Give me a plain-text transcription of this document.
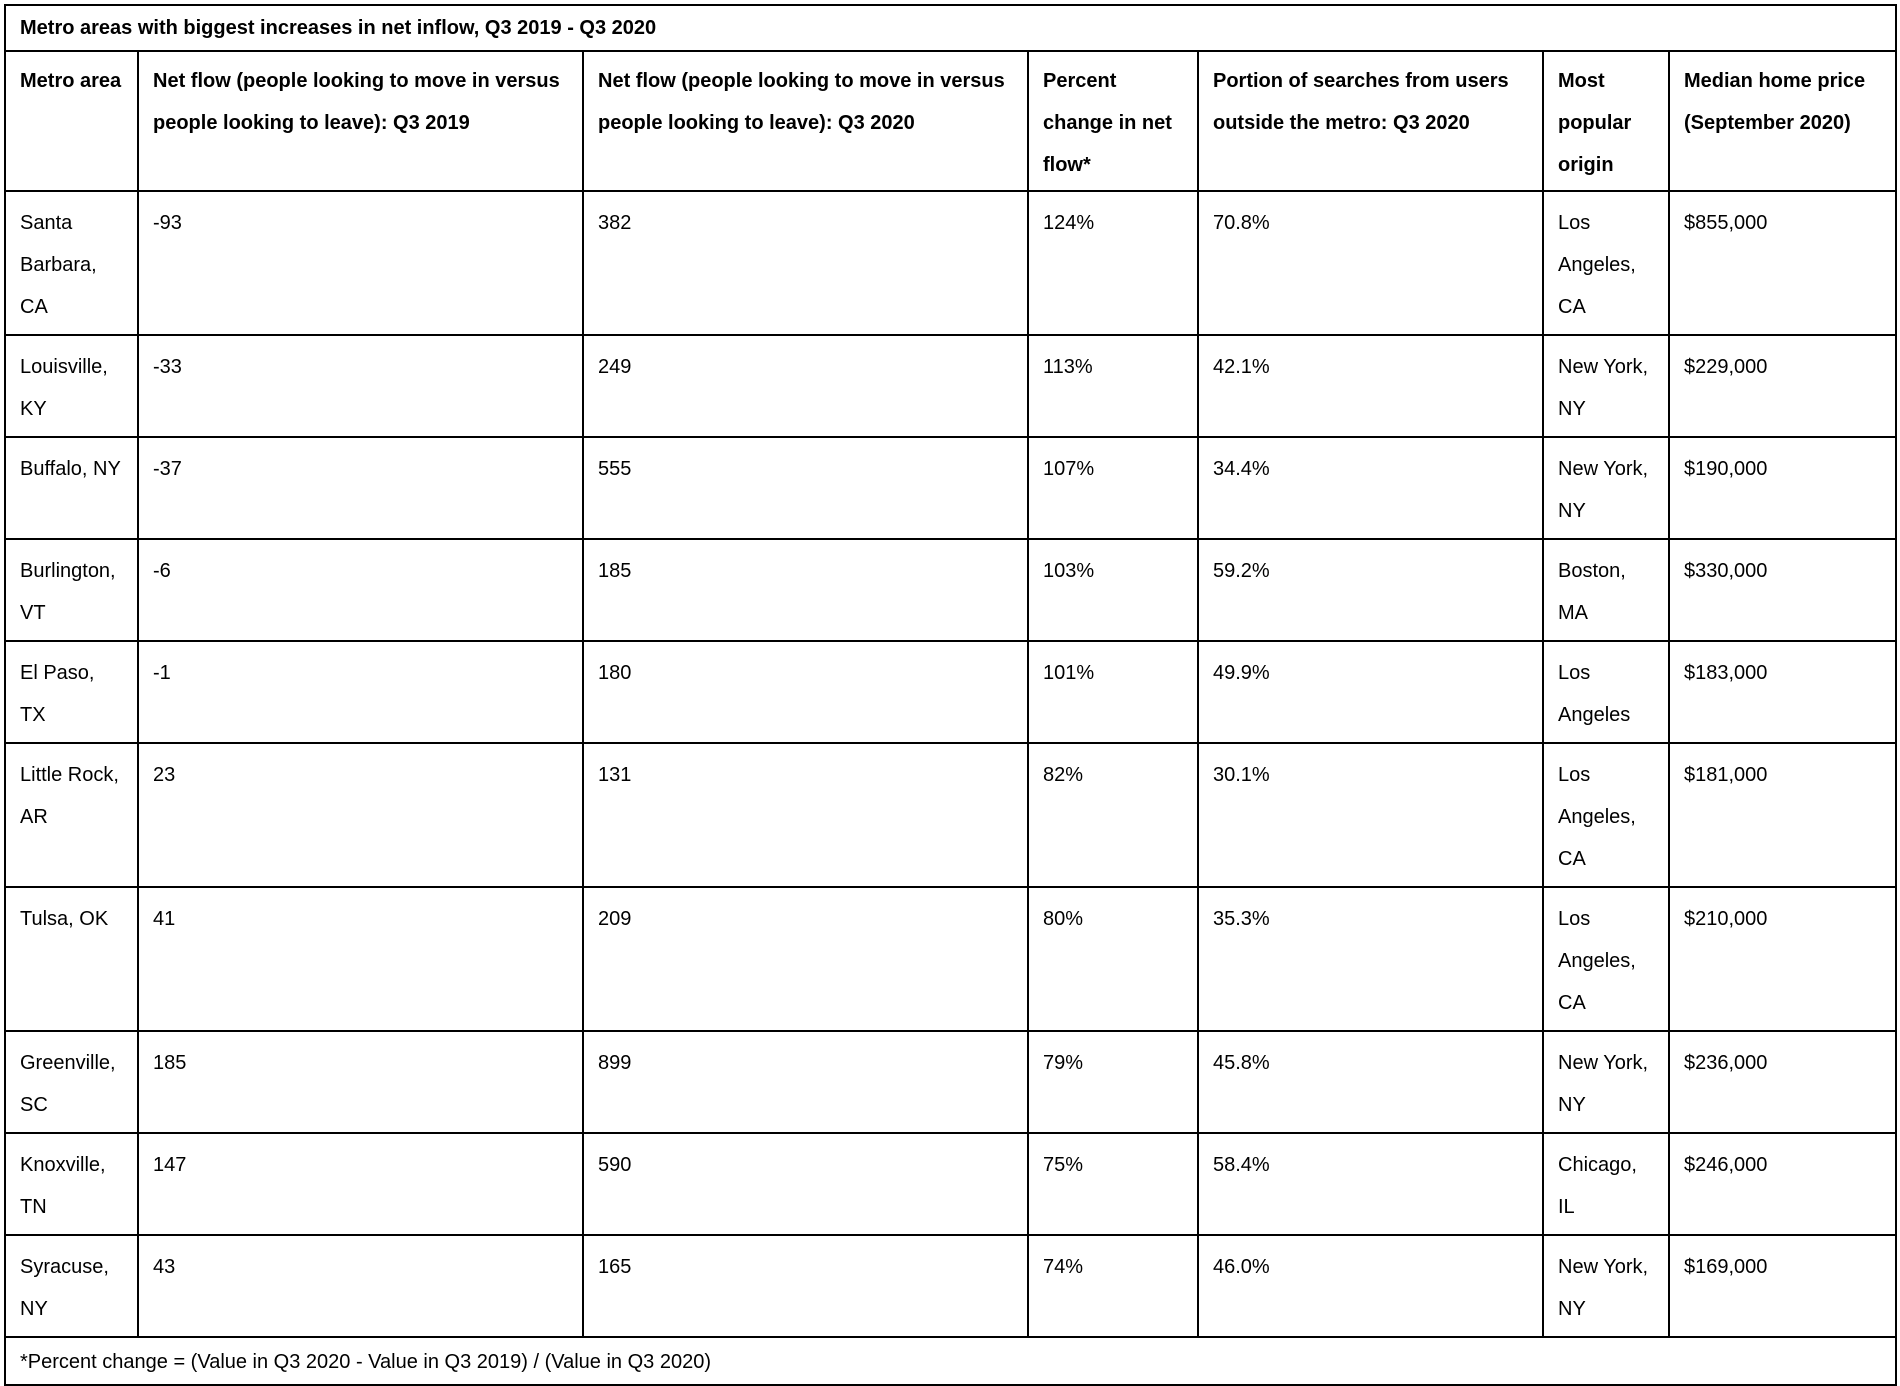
Metro areas with biggest increases in net inflow, Q3 2019 - Q3 2020						
Metro area	Net flow (people looking to move in versus people looking to leave): Q3 2019	Net flow (people looking to move in versus people looking to leave): Q3 2020	Percent change in net flow*	Portion of searches from users outside the metro: Q3 2020	Most popular origin	Median home price (September 2020)
Santa Barbara, CA	-93	382	124%	70.8%	Los Angeles, CA	$855,000
Louisville, KY	-33	249	113%	42.1%	New York, NY	$229,000
Buffalo, NY	-37	555	107%	34.4%	New York, NY	$190,000
Burlington, VT	-6	185	103%	59.2%	Boston, MA	$330,000
El Paso, TX	-1	180	101%	49.9%	Los Angeles	$183,000
Little Rock, AR	23	131	82%	30.1%	Los Angeles, CA	$181,000
Tulsa, OK	41	209	80%	35.3%	Los Angeles, CA	$210,000
Greenville, SC	185	899	79%	45.8%	New York, NY	$236,000
Knoxville, TN	147	590	75%	58.4%	Chicago, IL	$246,000
Syracuse, NY	43	165	74%	46.0%	New York, NY	$169,000
*Percent change = (Value in Q3 2020 - Value in Q3 2019) / (Value in Q3 2020)						
